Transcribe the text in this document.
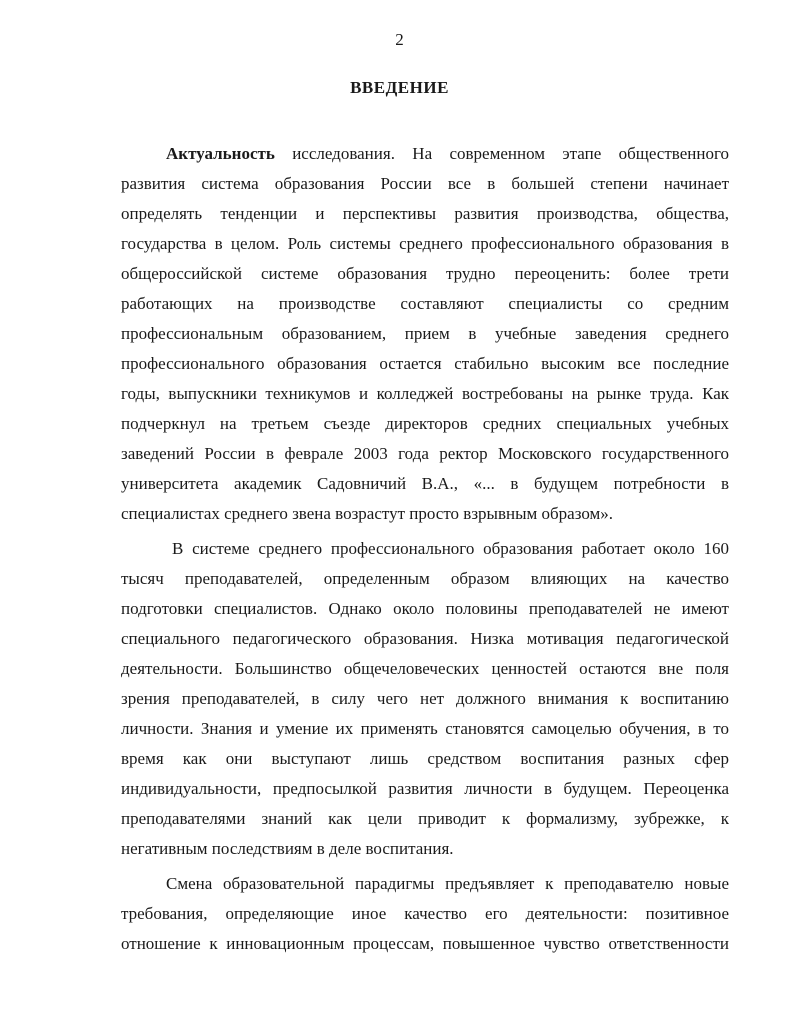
2
ВВЕДЕНИЕ
Актуальность исследования. На современном этапе общественного
развития система образования России все в большей степени начинает
определять тенденции и перспективы развития производства, общества,
государства в целом. Роль системы среднего профессионального образования в
общероссийской системе образования трудно переоценить: более трети
работающих на производстве составляют специалисты со средним
профессиональным образованием, прием в учебные заведения среднего
профессионального образования остается стабильно высоким все последние
годы, выпускники техникумов и колледжей востребованы на рынке труда. Как
подчеркнул на третьем съезде директоров средних специальных учебных
заведений России в феврале 2003 года ректор Московского государственного
университета академик Садовничий В.А., «... в будущем потребности в
специалистах среднего звена возрастут просто взрывным образом».
В системе среднего профессионального образования работает около 160
тысяч преподавателей, определенным образом влияющих на качество
подготовки специалистов. Однако около половины преподавателей не имеют
специального педагогического образования. Низка мотивация педагогической
деятельности. Большинство общечеловеческих ценностей остаются вне поля
зрения преподавателей, в силу чего нет должного внимания к воспитанию
личности. Знания и умение их применять становятся самоцелью обучения, в то
время как они выступают лишь средством воспитания разных сфер
индивидуальности, предпосылкой развития личности в будущем. Переоценка
преподавателями знаний как цели приводит к формализму, зубрежке, к
негативным последствиям в деле воспитания.
Смена образовательной парадигмы предъявляет к преподавателю новые
требования, определяющие иное качество его деятельности: позитивное
отношение к инновационным процессам, повышенное чувство ответственности
